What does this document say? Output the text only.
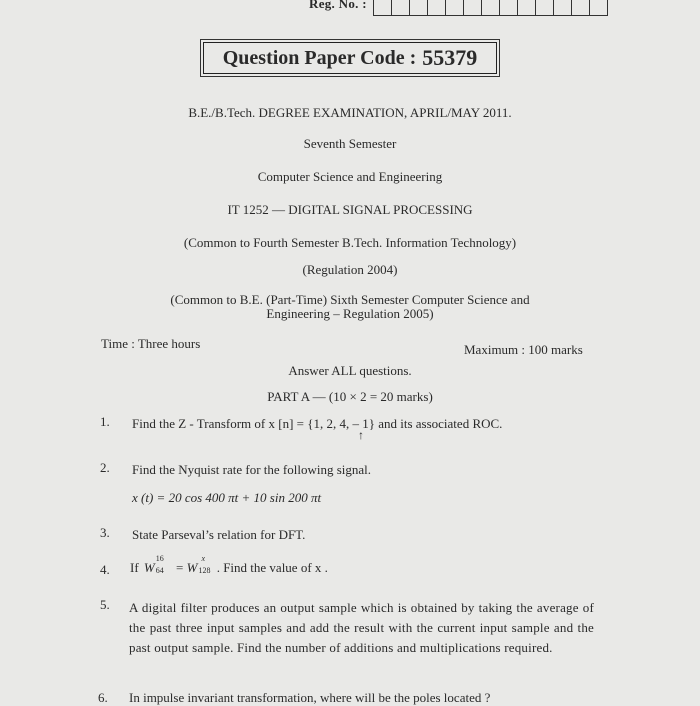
Reg. No. :
Question Paper Code : 55379
B.E./B.Tech. DEGREE EXAMINATION, APRIL/MAY 2011.
Seventh Semester
Computer Science and Engineering
IT 1252 — DIGITAL SIGNAL PROCESSING
(Common to Fourth Semester B.Tech. Information Technology)
(Regulation 2004)
(Common to B.E. (Part-Time) Sixth Semester Computer Science and
Engineering – Regulation 2005)
Time : Three hours	Maximum : 100 marks
Answer ALL questions.
PART A — (10 × 2 = 20 marks)
1. Find the Z - Transform of x [n] = {1, 2, 4, – 1} and its associated ROC.
↑
2. Find the Nyquist rate for the following signal.
x (t) = 20 cos 400 πt + 10 sin 200 πt
3. State Parseval’s relation for DFT.
4. If W
16
64 = W
x
128 . Find the value of x .
5. A digital filter produces an output sample which is obtained by taking the average of the past three input samples and add the result with the current input sample and the past output sample. Find the number of additions and multiplications required.
6. In impulse invariant transformation, where will be the poles located ?
